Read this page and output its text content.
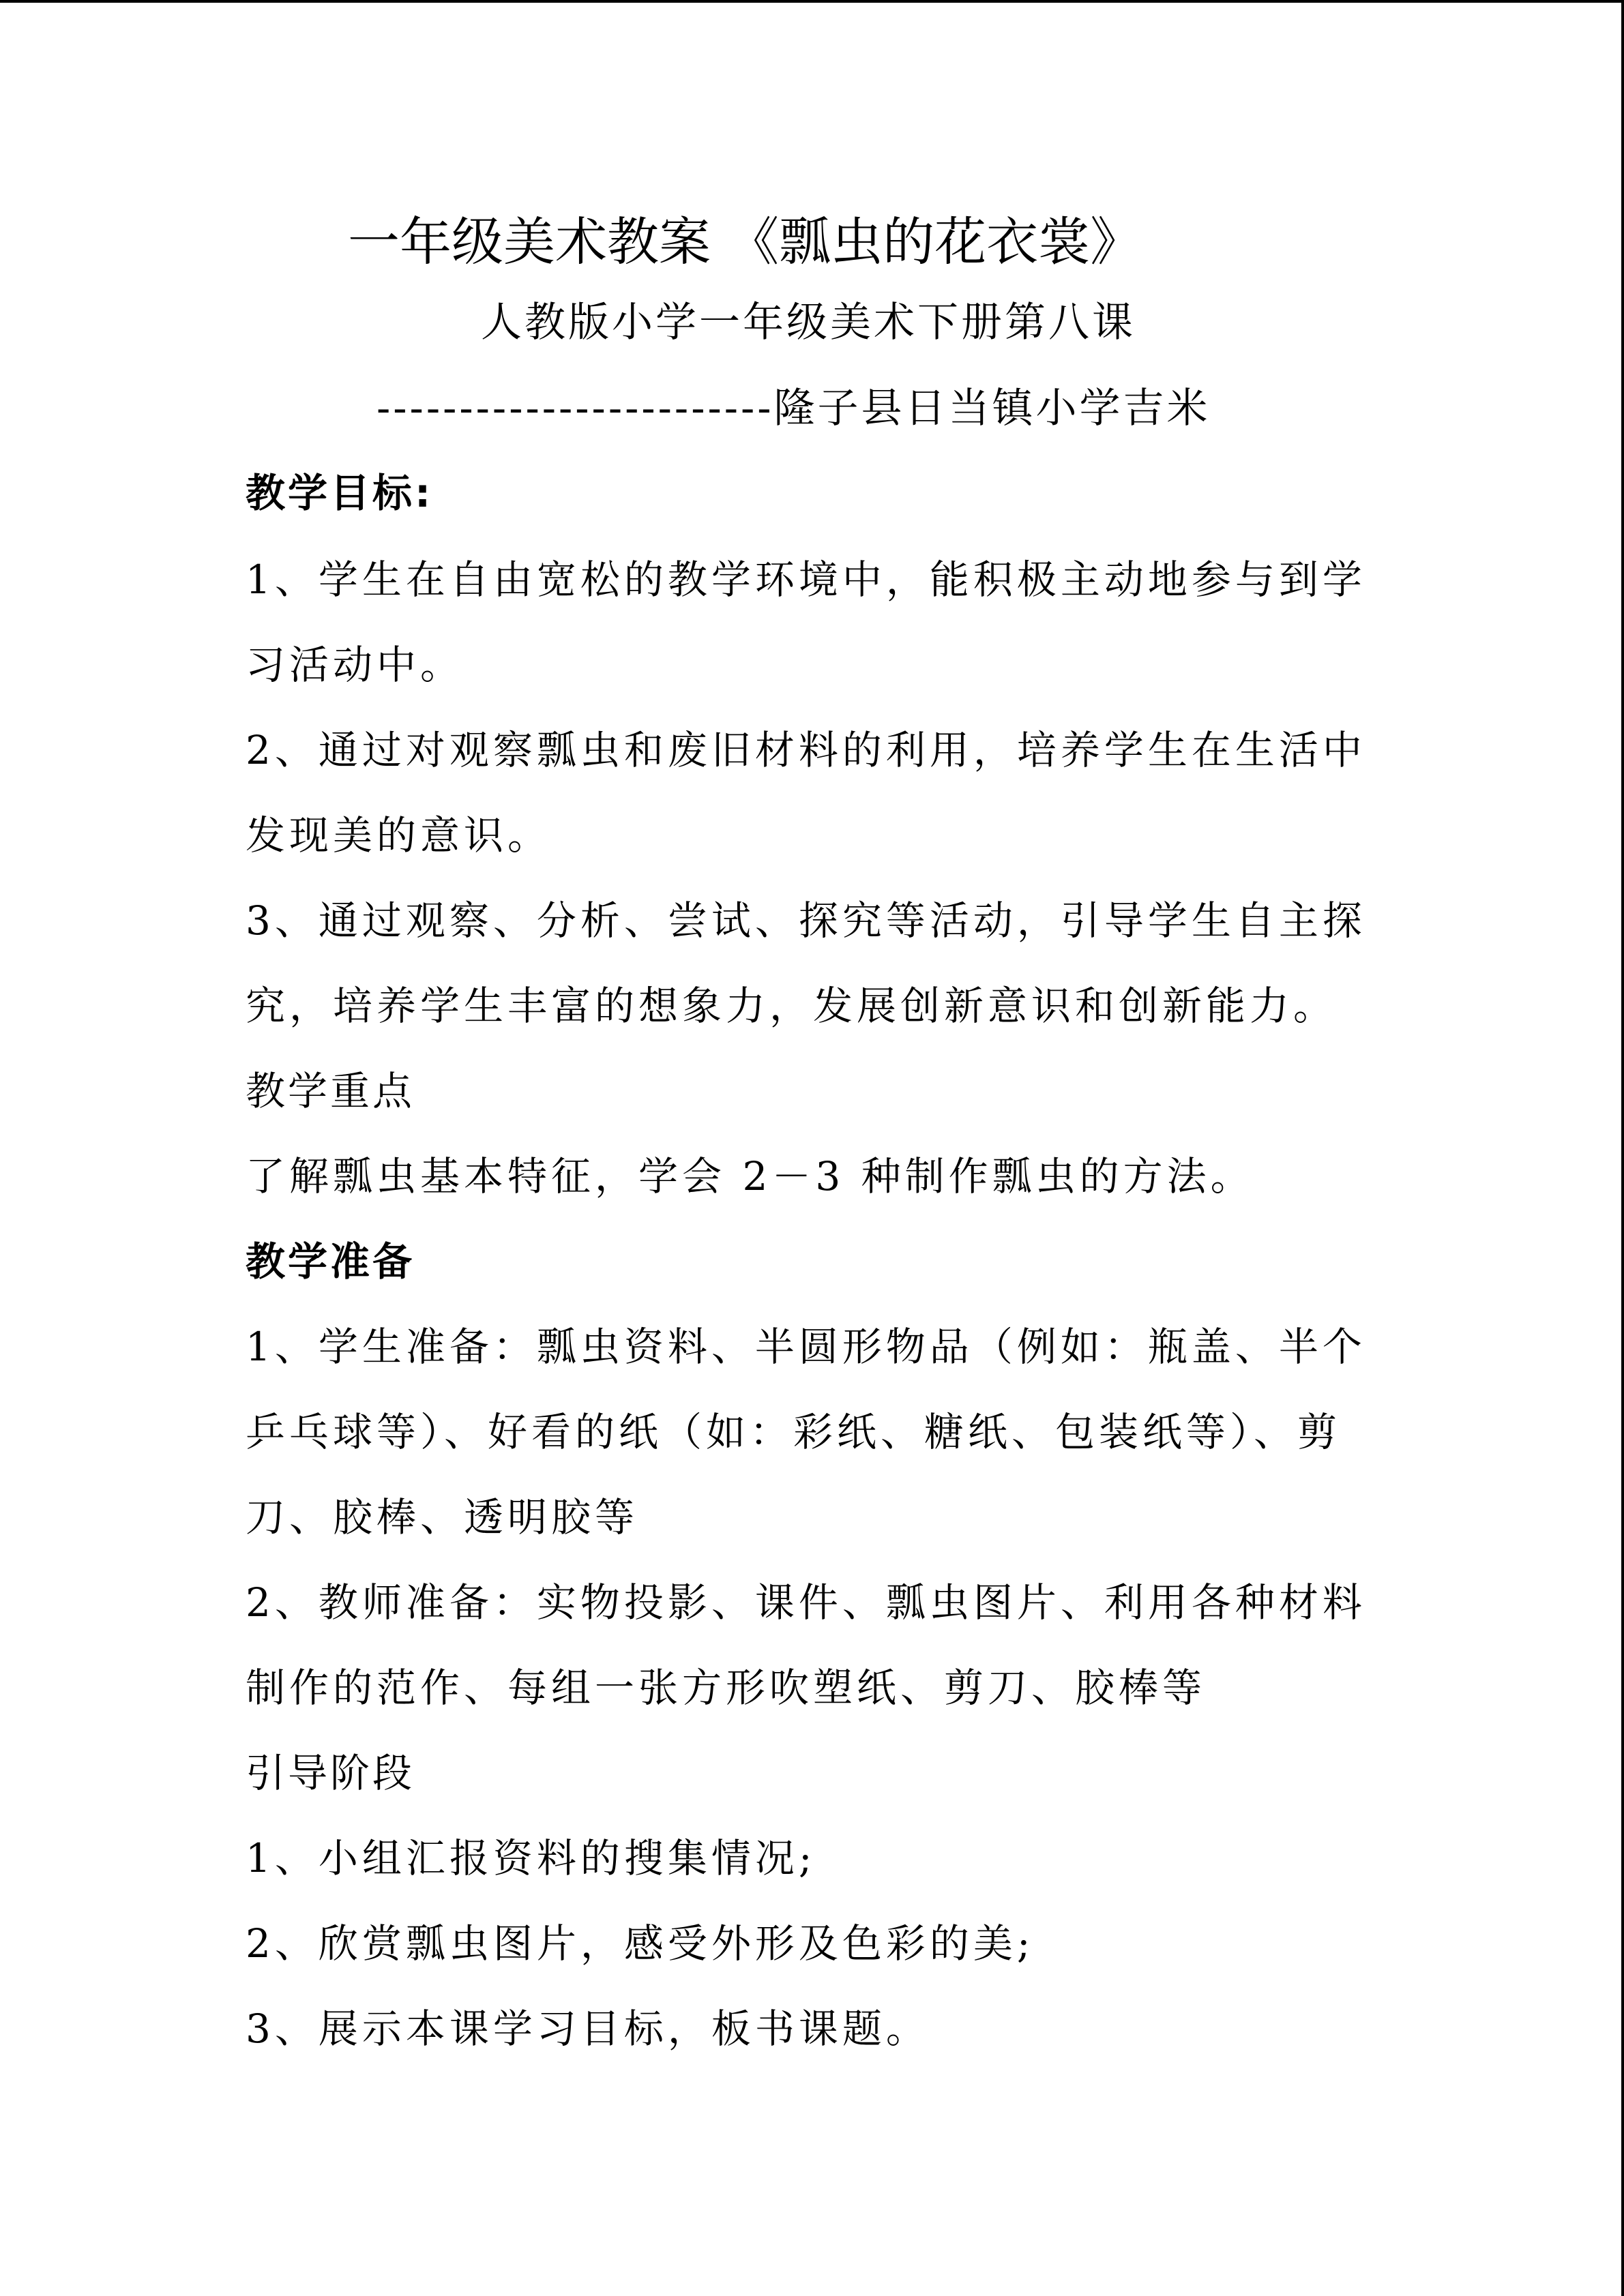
一年级美术教案 《瓢虫的花衣裳》
人教版小学一年级美术下册第八课
------------------------隆子县日当镇小学吉米
教学目标:
1、学生在自由宽松的教学环境中，能积极主动地参与到学
习活动中。
2、通过对观察瓢虫和废旧材料的利用，培养学生在生活中
发现美的意识。
3、通过观察、分析、尝试、探究等活动，引导学生自主探
究，培养学生丰富的想象力，发展创新意识和创新能力。
教学重点
了解瓢虫基本特征，学会 2－3 种制作瓢虫的方法。
教学准备
1、学生准备：瓢虫资料、半圆形物品（例如：瓶盖、半个
乒乓球等）、好看的纸（如：彩纸、糖纸、包装纸等）、剪
刀、胶棒、透明胶等
2、教师准备：实物投影、课件、瓢虫图片、利用各种材料
制作的范作、每组一张方形吹塑纸、剪刀、胶棒等
引导阶段
1、小组汇报资料的搜集情况;
2、欣赏瓢虫图片，感受外形及色彩的美;
3、展示本课学习目标，板书课题。
